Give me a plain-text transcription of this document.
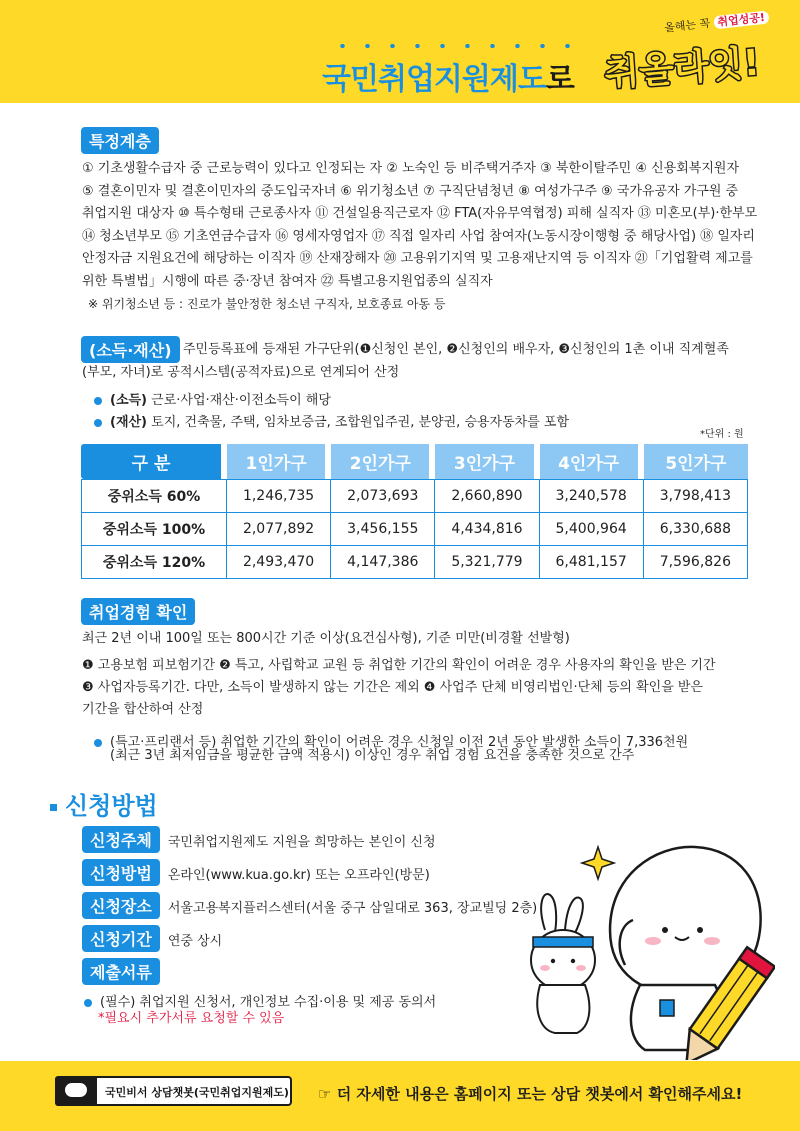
국민취업지원제도로
올해는 꼭 취업성공!
취올라잇!
특정계층
① 기초생활수급자 중 근로능력이 있다고 인정되는 자 ② 노숙인 등 비주택거주자 ③ 북한이탈주민 ④ 신용회복지원자
⑤ 결혼이민자 및 결혼이민자의 중도입국자녀 ⑥ 위기청소년 ⑦ 구직단념청년 ⑧ 여성가구주 ⑨ 국가유공자 가구원 중
취업지원 대상자 ⑩ 특수형태 근로종사자 ⑪ 건설일용직근로자 ⑫ FTA(자유무역협정) 피해 실직자 ⑬ 미혼모(부)·한부모
⑭ 청소년부모 ⑮ 기초연금수급자 ⑯ 영세자영업자 ⑰ 직접 일자리 사업 참여자(노동시장이행형 중 해당사업) ⑱ 일자리
안정자금 지원요건에 해당하는 이직자 ⑲ 산재장해자 ⑳ 고용위기지역 및 고용재난지역 등 이직자 ㉑「기업활력 제고를
위한 특별법」시행에 따른 중·장년 참여자 ㉒ 특별고용지원업종의 실직자
※ 위기청소년 등 : 진로가 불안정한 청소년 구직자, 보호종료 아동 등
(소득·재산) 주민등록표에 등재된 가구단위(❶신청인 본인, ❷신청인의 배우자, ❸신청인의 1촌 이내 직계혈족
(부모, 자녀)로 공적시스템(공적자료)으로 연계되어 산정
(소득) 근로·사업·재산·이전소득이 해당
(재산) 토지, 건축물, 주택, 임차보증금, 조합원입주권, 분양권, 승용자동차를 포함
*단위 : 원
구 분	1인가구	2인가구	3인가구	4인가구	5인가구
중위소득 60%	1,246,735	2,073,693	2,660,890	3,240,578	3,798,413
중위소득 100%	2,077,892	3,456,155	4,434,816	5,400,964	6,330,688
중위소득 120%	2,493,470	4,147,386	5,321,779	6,481,157	7,596,826
취업경험 확인
최근 2년 이내 100일 또는 800시간 기준 이상(요건심사형), 기준 미만(비경활 선발형)
❶ 고용보험 피보험기간 ❷ 특고, 사립학교 교원 등 취업한 기간의 확인이 어려운 경우 사용자의 확인을 받은 기간
❸ 사업자등록기간. 다만, 소득이 발생하지 않는 기간은 제외 ❹ 사업주 단체 비영리법인·단체 등의 확인을 받은
기간을 합산하여 산정
(특고·프리랜서 등) 취업한 기간의 확인이 어려운 경우 신청일 이전 2년 동안 발생한 소득이 7,336천원
(최근 3년 최저임금을 평균한 금액 적용시) 이상인 경우 취업 경험 요건을 충족한 것으로 간주
신청방법
신청주체 국민취업지원제도 지원을 희망하는 본인이 신청
신청방법 온라인(www.kua.go.kr) 또는 오프라인(방문)
신청장소 서울고용복지플러스센터(서울 중구 삼일대로 363, 장교빌딩 2층)
신청기간 연중 상시
제출서류
(필수) 취업지원 신청서, 개인정보 수집·이용 및 제공 동의서
*필요시 추가서류 요청할 수 있음
국민비서 상담챗봇(국민취업지원제도) ☞ 더 자세한 내용은 홈페이지 또는 상담 챗봇에서 확인해주세요!
